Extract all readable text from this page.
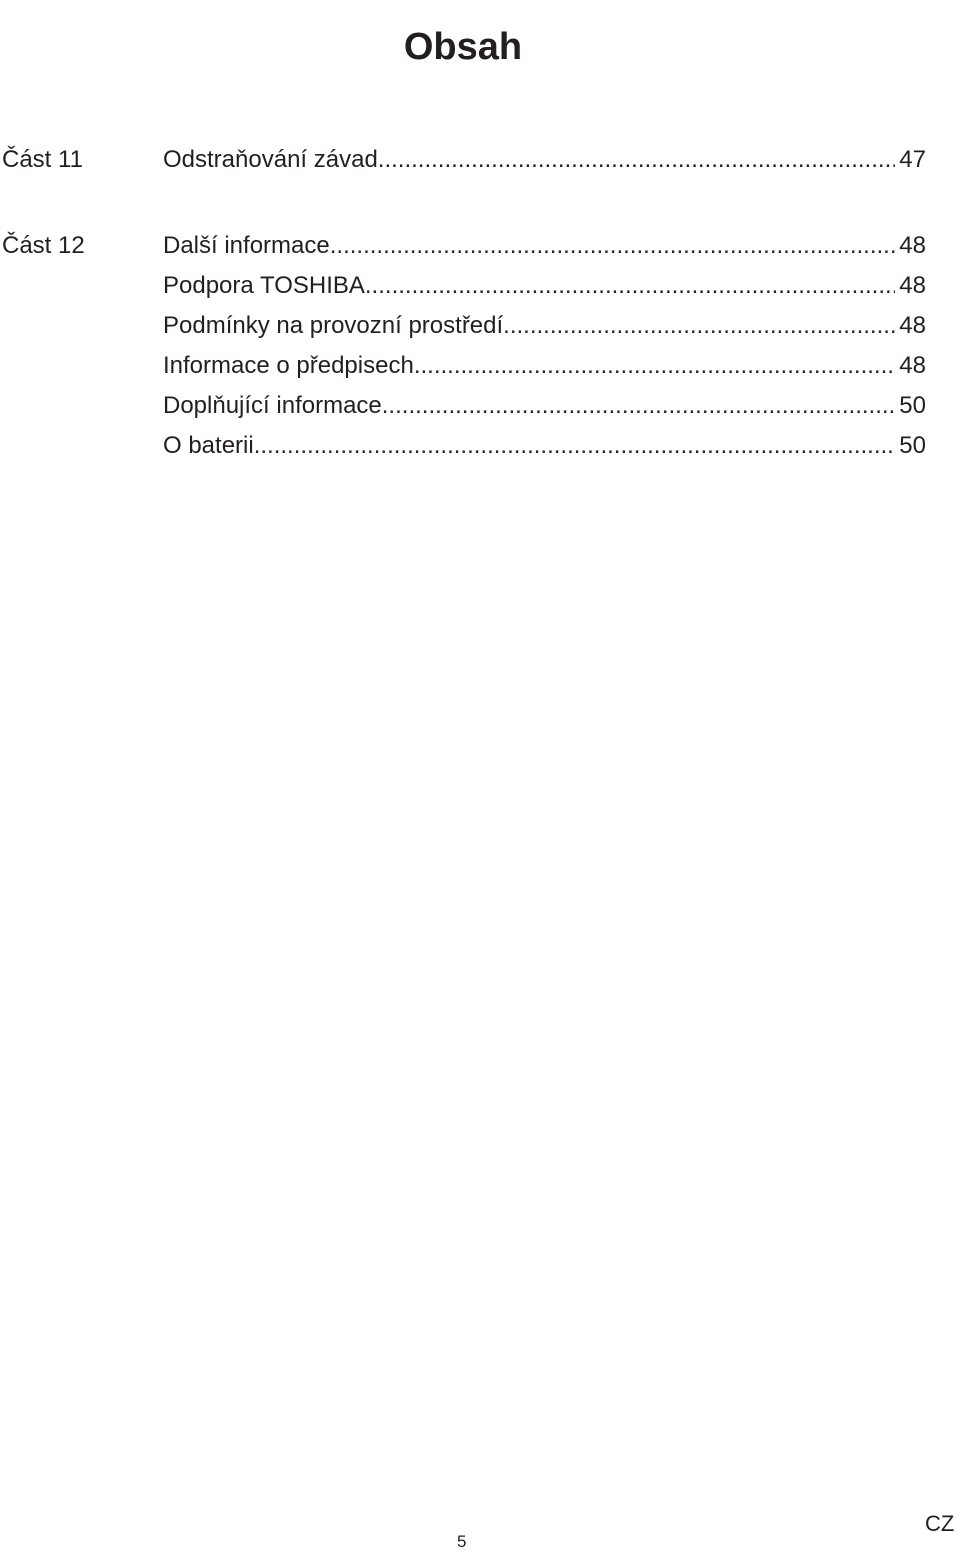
Obsah
Část 11	Odstraňování závad .....	47
Část 12	Další informace .....	48
Podpora TOSHIBA .....	48
Podmínky na provozní prostředí .....	48
Informace o předpisech .....	48
Doplňující informace .....	50
O baterii .....	50
5
CZ
